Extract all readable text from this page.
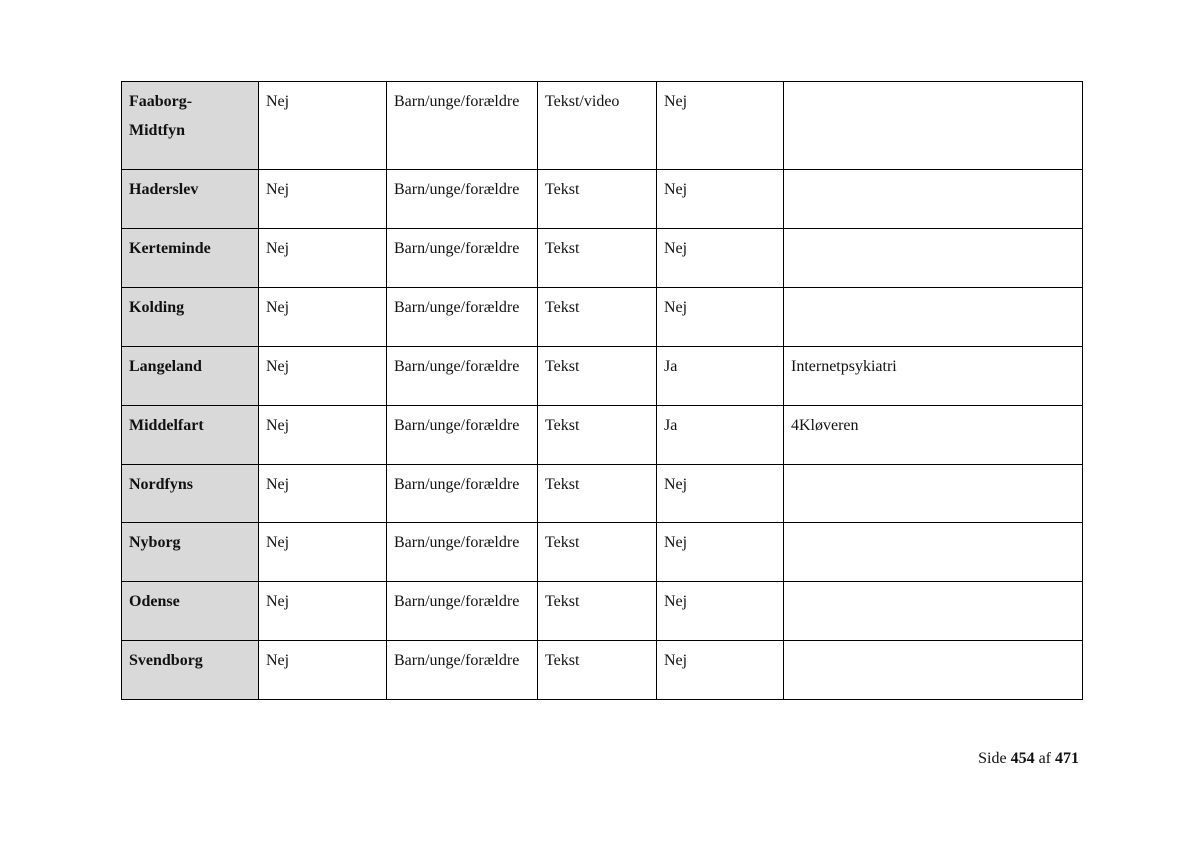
Faaborg-
Midtfyn	Nej	Barn/unge/forældre	Tekst/video	Nej	

Haderslev	Nej	Barn/unge/forældre	Tekst	Nej	

Kerteminde	Nej	Barn/unge/forældre	Tekst	Nej	

Kolding	Nej	Barn/unge/forældre	Tekst	Nej	

Langeland	Nej	Barn/unge/forældre	Tekst	Ja	Internetpsykiatri

Middelfart	Nej	Barn/unge/forældre	Tekst	Ja	4Kløveren

Nordfyns	Nej	Barn/unge/forældre	Tekst	Nej	

Nyborg	Nej	Barn/unge/forældre	Tekst	Nej	

Odense	Nej	Barn/unge/forældre	Tekst	Nej	

Svendborg	Nej	Barn/unge/forældre	Tekst	Nej	

Side 454 af 471
